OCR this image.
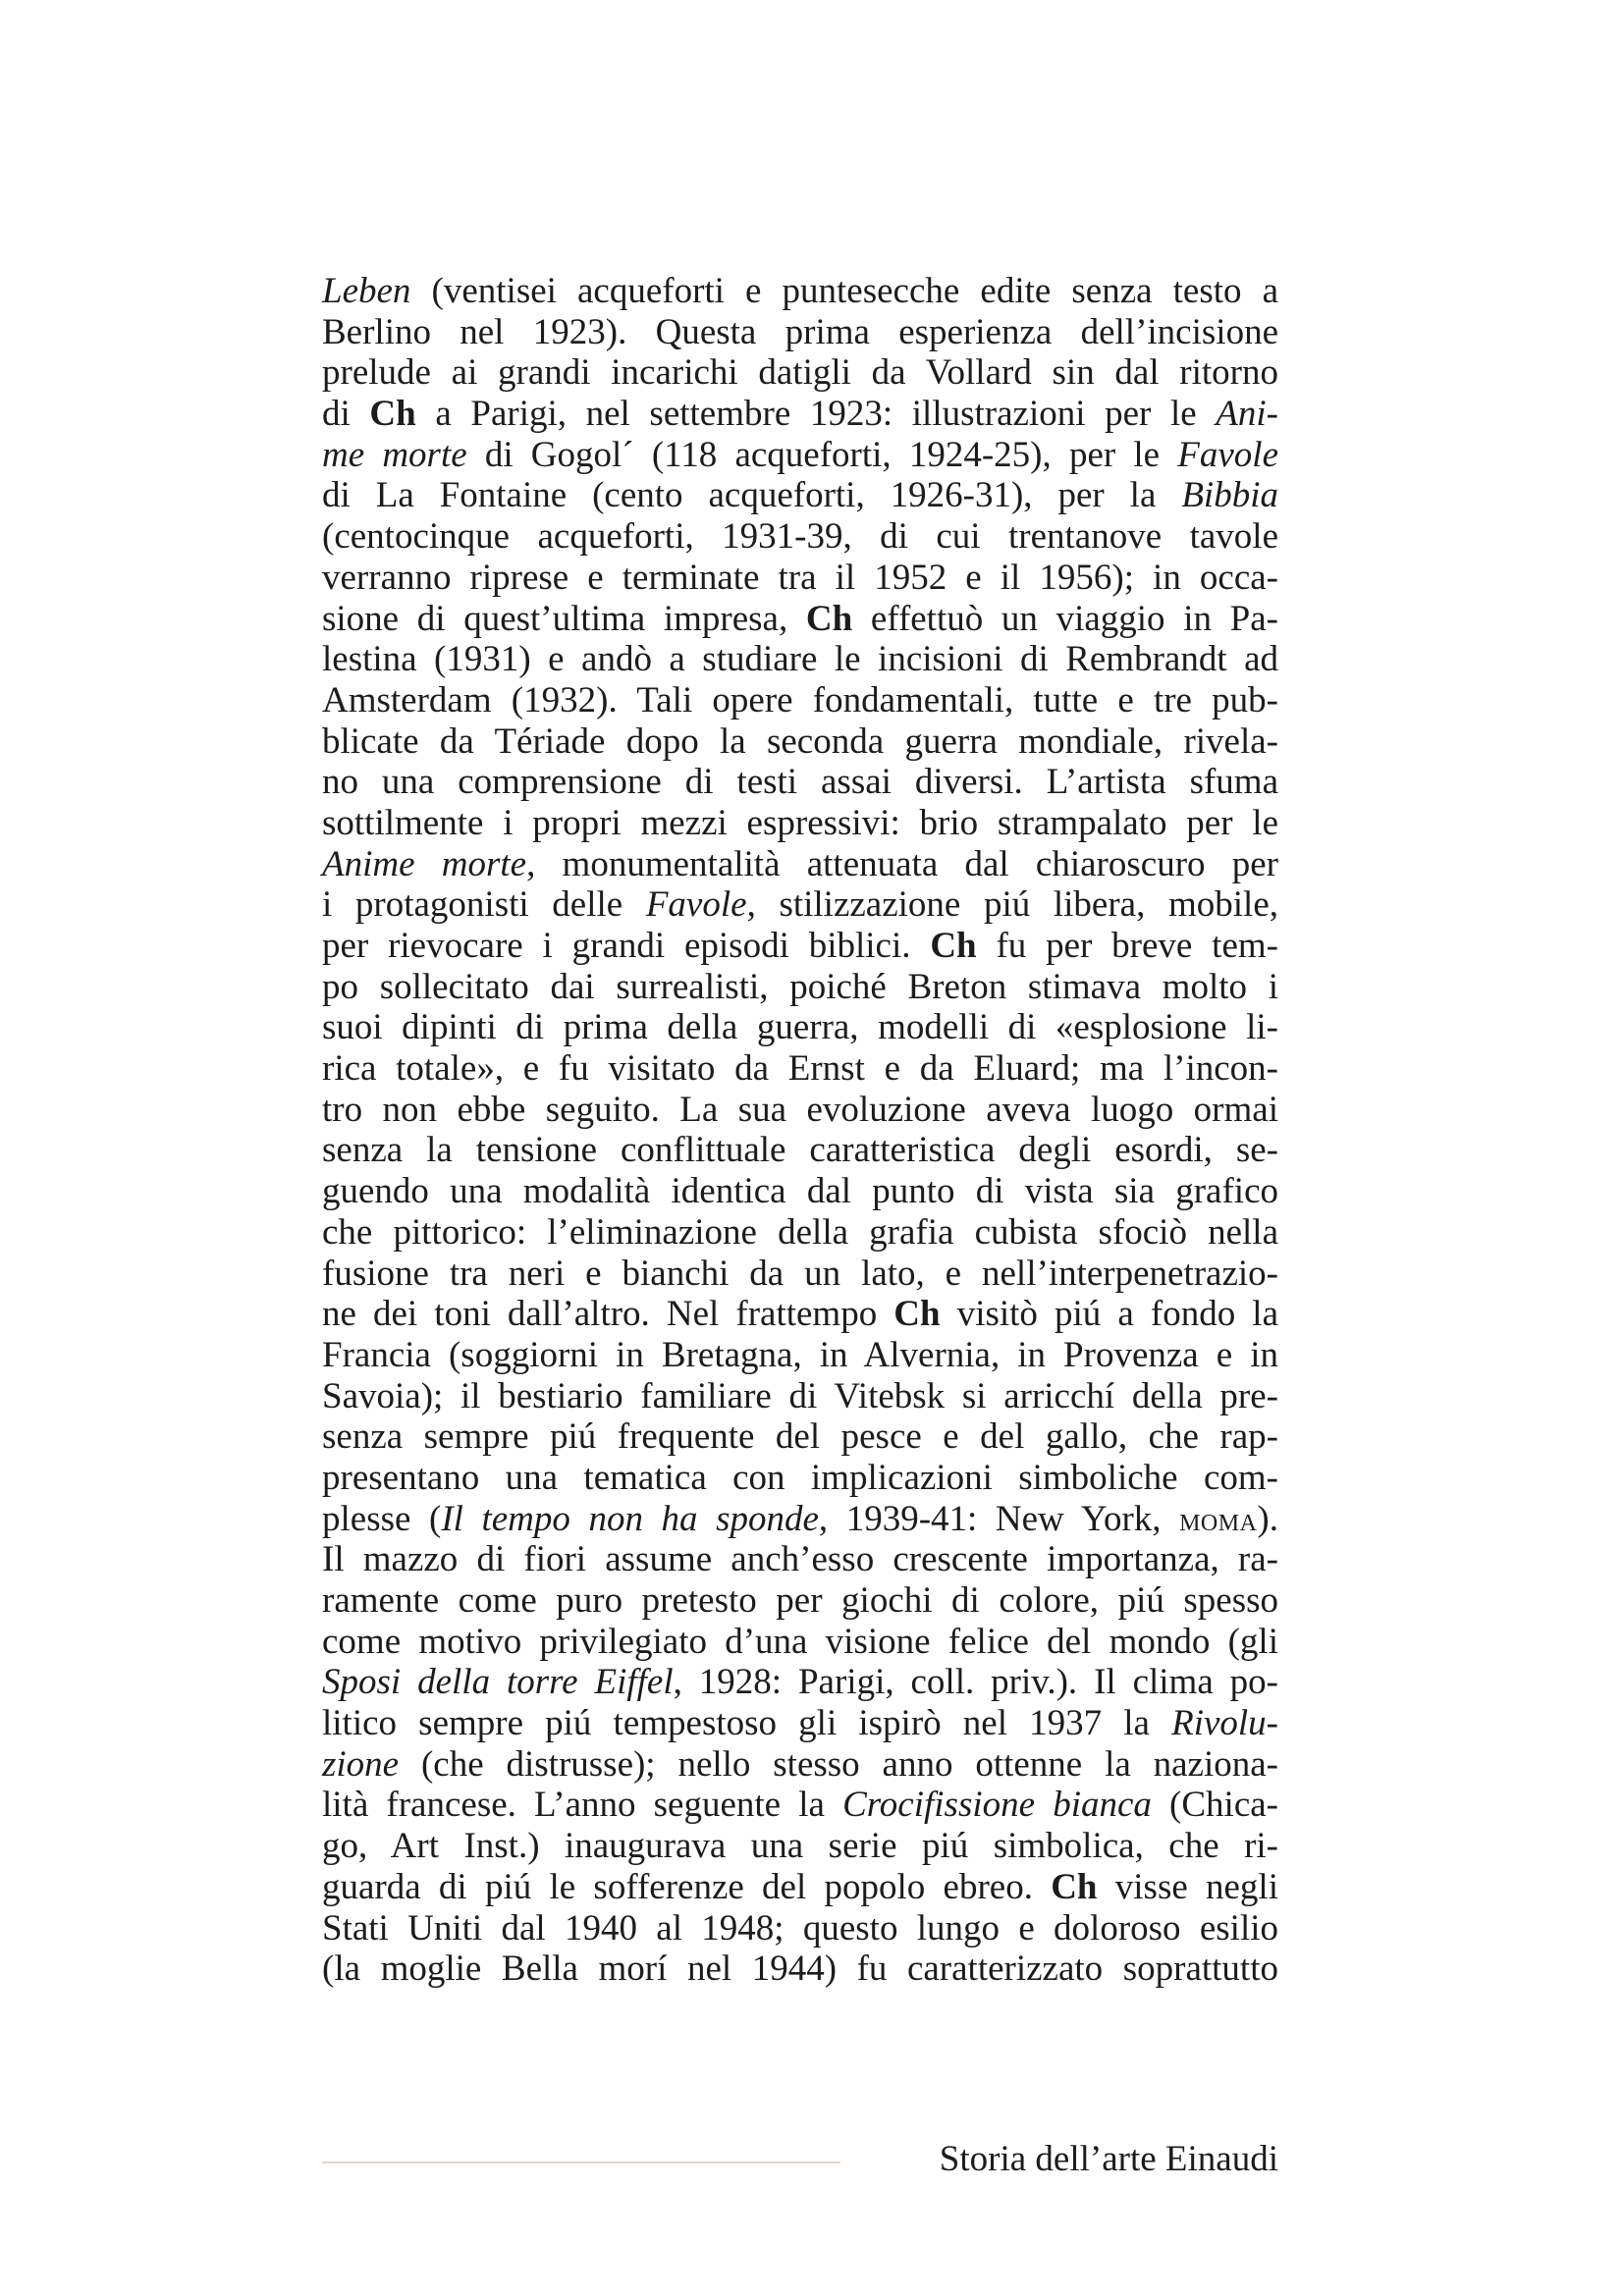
Leben (ventisei acqueforti e puntesecche edite senza testo a
Berlino nel 1923). Questa prima esperienza dell’incisione
prelude ai grandi incarichi datigli da Vollard sin dal ritorno
di Ch a Parigi, nel settembre 1923: illustrazioni per le Ani-
me morte di Gogol´ (118 acqueforti, 1924-25), per le Favole
di La Fontaine (cento acqueforti, 1926-31), per la Bibbia
(centocinque acqueforti, 1931-39, di cui trentanove tavole
verranno riprese e terminate tra il 1952 e il 1956); in occa-
sione di quest’ultima impresa, Ch effettuò un viaggio in Pa-
lestina (1931) e andò a studiare le incisioni di Rembrandt ad
Amsterdam (1932). Tali opere fondamentali, tutte e tre pub-
blicate da Tériade dopo la seconda guerra mondiale, rivela-
no una comprensione di testi assai diversi. L’artista sfuma
sottilmente i propri mezzi espressivi: brio strampalato per le
Anime morte, monumentalità attenuata dal chiaroscuro per
i protagonisti delle Favole, stilizzazione piú libera, mobile,
per rievocare i grandi episodi biblici. Ch fu per breve tem-
po sollecitato dai surrealisti, poiché Breton stimava molto i
suoi dipinti di prima della guerra, modelli di «esplosione li-
rica totale», e fu visitato da Ernst e da Eluard; ma l’incon-
tro non ebbe seguito. La sua evoluzione aveva luogo ormai
senza la tensione conflittuale caratteristica degli esordi, se-
guendo una modalità identica dal punto di vista sia grafico
che pittorico: l’eliminazione della grafia cubista sfociò nella
fusione tra neri e bianchi da un lato, e nell’interpenetrazio-
ne dei toni dall’altro. Nel frattempo Ch visitò piú a fondo la
Francia (soggiorni in Bretagna, in Alvernia, in Provenza e in
Savoia); il bestiario familiare di Vitebsk si arricchí della pre-
senza sempre piú frequente del pesce e del gallo, che rap-
presentano una tematica con implicazioni simboliche com-
plesse (Il tempo non ha sponde, 1939-41: New York, moma).
Il mazzo di fiori assume anch’esso crescente importanza, ra-
ramente come puro pretesto per giochi di colore, piú spesso
come motivo privilegiato d’una visione felice del mondo (gli
Sposi della torre Eiffel, 1928: Parigi, coll. priv.). Il clima po-
litico sempre piú tempestoso gli ispirò nel 1937 la Rivolu-
zione (che distrusse); nello stesso anno ottenne la naziona-
lità francese. L’anno seguente la Crocifissione bianca (Chica-
go, Art Inst.) inaugurava una serie piú simbolica, che ri-
guarda di piú le sofferenze del popolo ebreo. Ch visse negli
Stati Uniti dal 1940 al 1948; questo lungo e doloroso esilio
(la moglie Bella morí nel 1944) fu caratterizzato soprattutto
Storia dell’arte Einaudi
